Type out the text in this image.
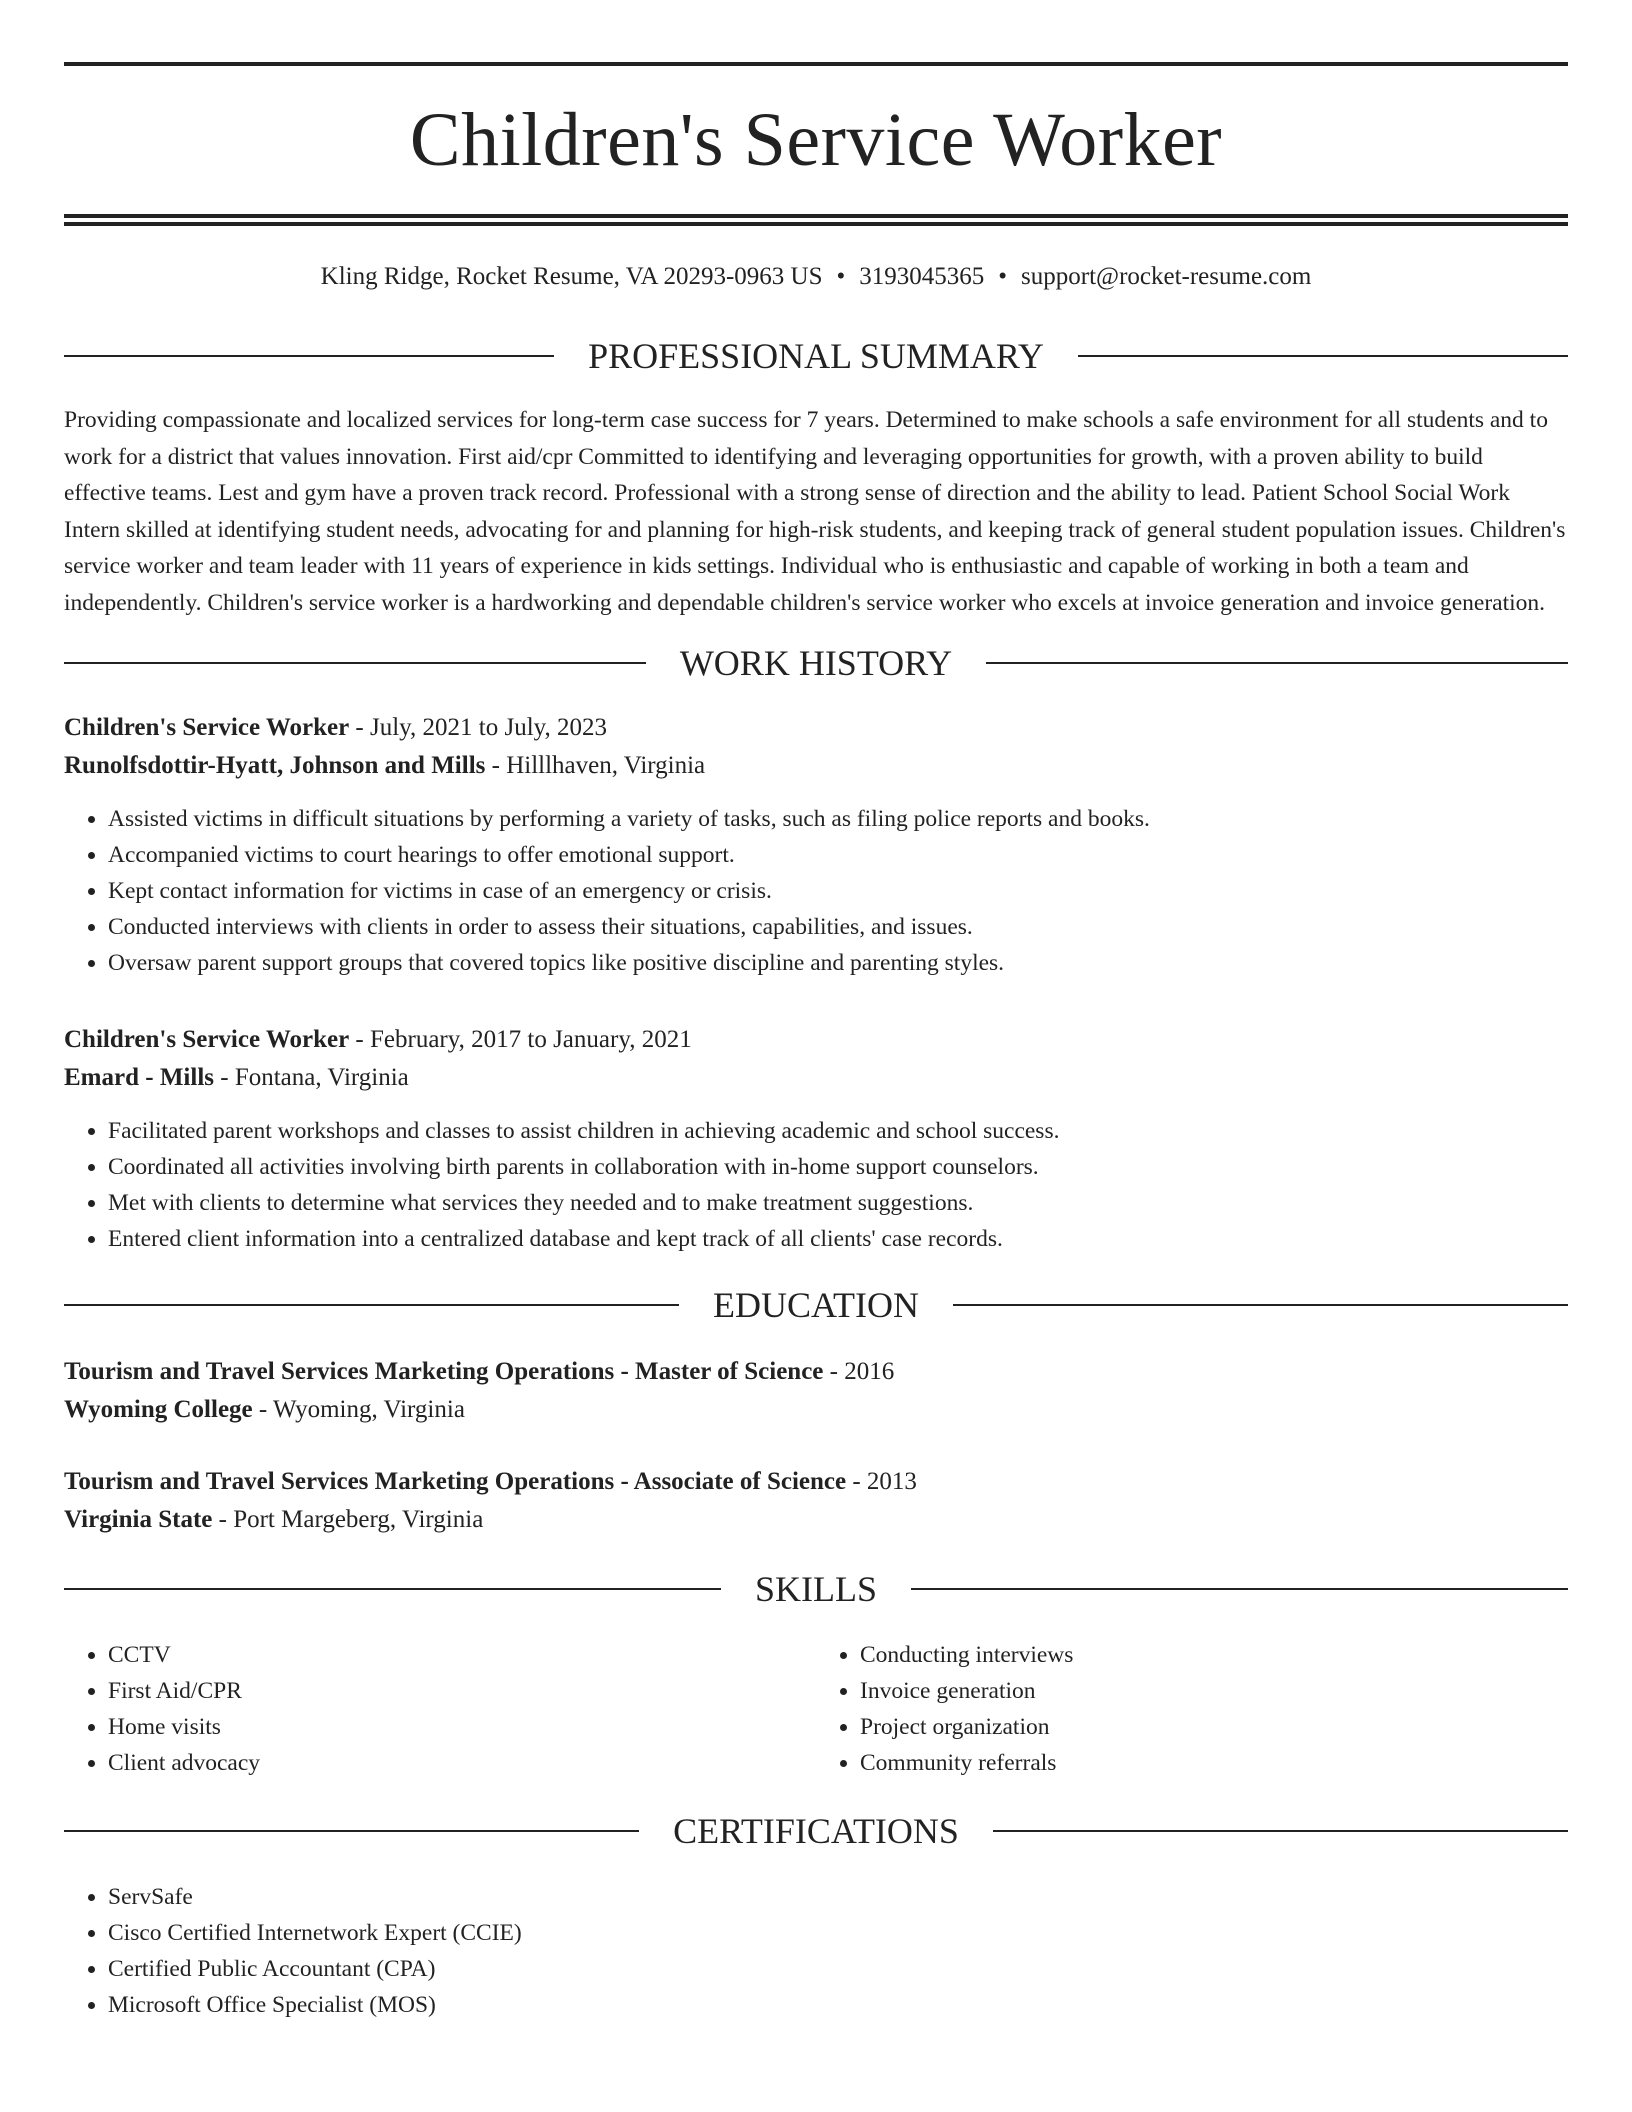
Children's Service Worker
Kling Ridge, Rocket Resume, VA 20293-0963 US • 3193045365 • support@rocket-resume.com
PROFESSIONAL SUMMARY

Providing compassionate and localized services for long-term case success for 7 years. Determined to make schools a safe environment for all students and to work for a district that values innovation. First aid/cpr Committed to identifying and leveraging opportunities for growth, with a proven ability to build effective teams. Lest and gym have a proven track record. Professional with a strong sense of direction and the ability to lead. Patient School Social Work Intern skilled at identifying student needs, advocating for and planning for high-risk students, and keeping track of general student population issues. Children's service worker and team leader with 11 years of experience in kids settings. Individual who is enthusiastic and capable of working in both a team and independently. Children's service worker is a hardworking and dependable children's service worker who excels at invoice generation and invoice generation.

WORK HISTORY
Children's Service Worker - July, 2021 to July, 2023
Runolfsdottir-Hyatt, Johnson and Mills - Hilllhaven, Virginia
• Assisted victims in difficult situations by performing a variety of tasks, such as filing police reports and books.
• Accompanied victims to court hearings to offer emotional support.
• Kept contact information for victims in case of an emergency or crisis.
• Conducted interviews with clients in order to assess their situations, capabilities, and issues.
• Oversaw parent support groups that covered topics like positive discipline and parenting styles.
Children's Service Worker - February, 2017 to January, 2021
Emard - Mills - Fontana, Virginia
• Facilitated parent workshops and classes to assist children in achieving academic and school success.
• Coordinated all activities involving birth parents in collaboration with in-home support counselors.
• Met with clients to determine what services they needed and to make treatment suggestions.
• Entered client information into a centralized database and kept track of all clients' case records.
EDUCATION
Tourism and Travel Services Marketing Operations - Master of Science - 2016
Wyoming College - Wyoming, Virginia
Tourism and Travel Services Marketing Operations - Associate of Science - 2013
Virginia State - Port Margeberg, Virginia
SKILLS
• CCTV
• First Aid/CPR
• Home visits
• Client advocacy
• Conducting interviews
• Invoice generation
• Project organization
• Community referrals
CERTIFICATIONS
• ServSafe
• Cisco Certified Internetwork Expert (CCIE)
• Certified Public Accountant (CPA)
• Microsoft Office Specialist (MOS)
